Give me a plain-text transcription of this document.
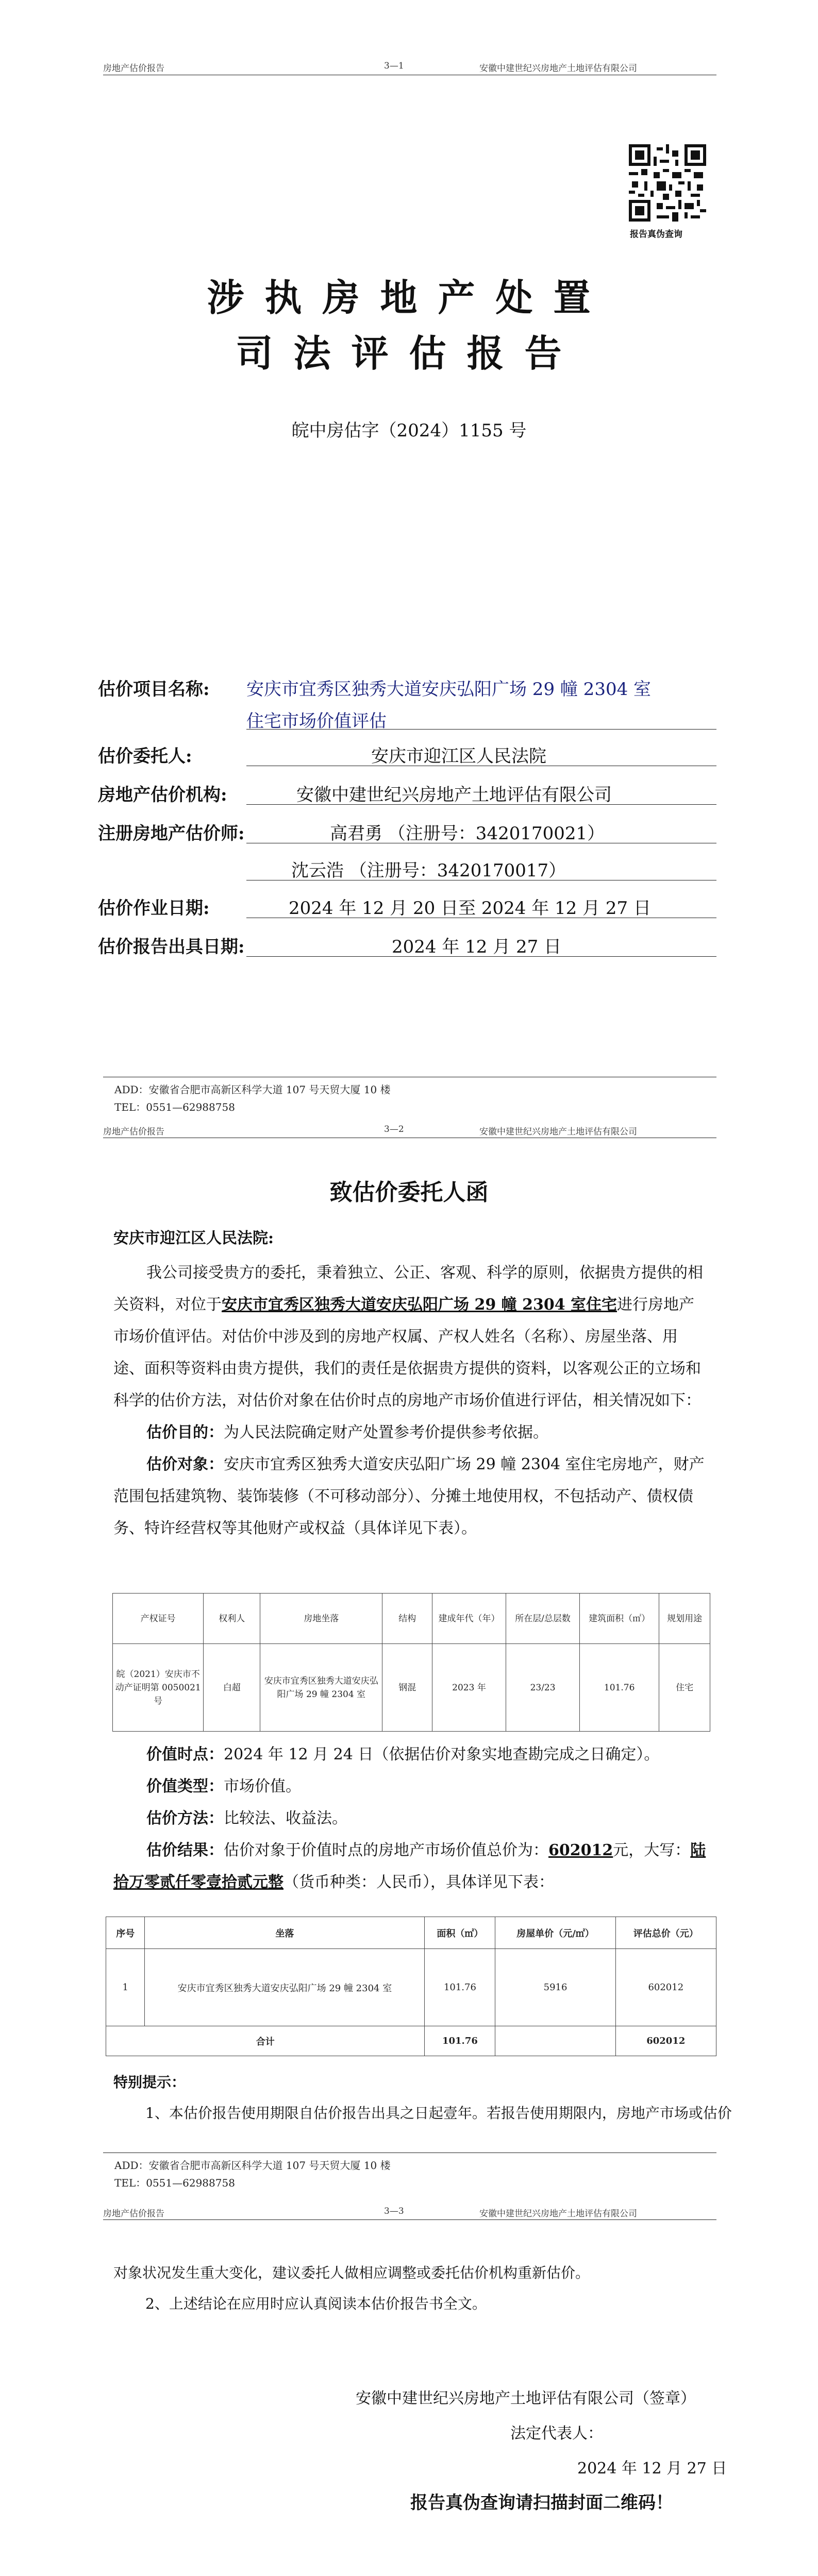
房地产估价报告	3—1	安徽中建世纪兴房地产土地评估有限公司
报告真伪查询
涉执房地产处置
司法评估报告
皖中房估字（2024）1155 号
估价项目名称: 安庆市宜秀区独秀大道安庆弘阳广场 29 幢 2304 室
住宅市场价值评估
估价委托人:	安庆市迎江区人民法院
房地产估价机构:	安徽中建世纪兴房地产土地评估有限公司
注册房地产估价师:	高君勇 （注册号：3420170021）
沈云浩 （注册号：3420170017）
估价作业日期:	2024 年 12 月 20 日至 2024 年 12 月 27 日
估价报告出具日期:	2024 年 12 月 27 日
ADD：安徽省合肥市高新区科学大道 107 号天贸大厦 10 楼
TEL：0551—62988758
房地产估价报告	3—2	安徽中建世纪兴房地产土地评估有限公司
致估价委托人函
安庆市迎江区人民法院:

我公司接受贵方的委托，秉着独立、公正、客观、科学的原则，依据贵方提供的相关资料，对位于安庆市宜秀区独秀大道安庆弘阳广场 29 幢 2304 室住宅进行房地产市场价值评估。对估价中涉及到的房地产权属、产权人姓名（名称）、房屋坐落、用途、面积等资料由贵方提供，我们的责任是依据贵方提供的资料，以客观公正的立场和科学的估价方法，对估价对象在估价时点的房地产市场价值进行评估，相关情况如下：

估价目的：为人民法院确定财产处置参考价提供参考依据。

估价对象：安庆市宜秀区独秀大道安庆弘阳广场 29 幢 2304 室住宅房地产，财产范围包括建筑物、装饰装修（不可移动部分）、分摊土地使用权，不包括动产、债权债务、特许经营权等其他财产或权益（具体详见下表）。

产权证号	权利人	房地坐落	结构	建成年代（年）	所在层/总层数	建筑面积（㎡）	规划用途
皖（2021）安庆市不动产证明第 0050021 号	白超	安庆市宜秀区独秀大道安庆弘阳广场 29 幢 2304 室	钢混	2023 年	23/23	101.76	住宅

价值时点：2024 年 12 月 24 日（依据估价对象实地查勘完成之日确定）。

价值类型：市场价值。

估价方法：比较法、收益法。

估价结果：估价对象于价值时点的房地产市场价值总价为：602012元，大写：陆拾万零贰仟零壹拾贰元整（货币种类：人民币），具体详见下表：

序号	坐落	面积（㎡）	房屋单价（元/㎡）	评估总价（元）
1	安庆市宜秀区独秀大道安庆弘阳广场 29 幢 2304 室	101.76	5916	602012
合计		101.76		602012
特别提示：
1、本估价报告使用期限自估价报告出具之日起壹年。若报告使用期限内，房地产市场或估价
ADD：安徽省合肥市高新区科学大道 107 号天贸大厦 10 楼
TEL：0551—62988758
房地产估价报告	3—3	安徽中建世纪兴房地产土地评估有限公司
对象状况发生重大变化，建议委托人做相应调整或委托估价机构重新估价。
2、上述结论在应用时应认真阅读本估价报告书全文。
安徽中建世纪兴房地产土地评估有限公司（签章）
法定代表人：
2024 年 12 月 27 日
报告真伪查询请扫描封面二维码！
